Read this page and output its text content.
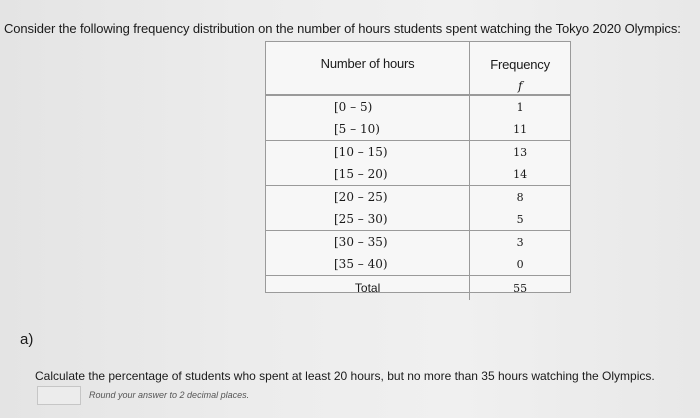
Consider the following frequency distribution on the number of hours students spent watching the Tokyo 2020 Olympics:
Number of hours	Frequency
	f
[0 – 5)	1
[5 – 10)	11
[10 – 15)	13
[15 – 20)	14
[20 – 25)	8
[25 – 30)	5
[30 – 35)	3
[35 – 40)	0
Total	55
a)
Calculate the percentage of students who spent at least 20 hours, but no more than 35 hours watching the Olympics.
Round your answer to 2 decimal places.
